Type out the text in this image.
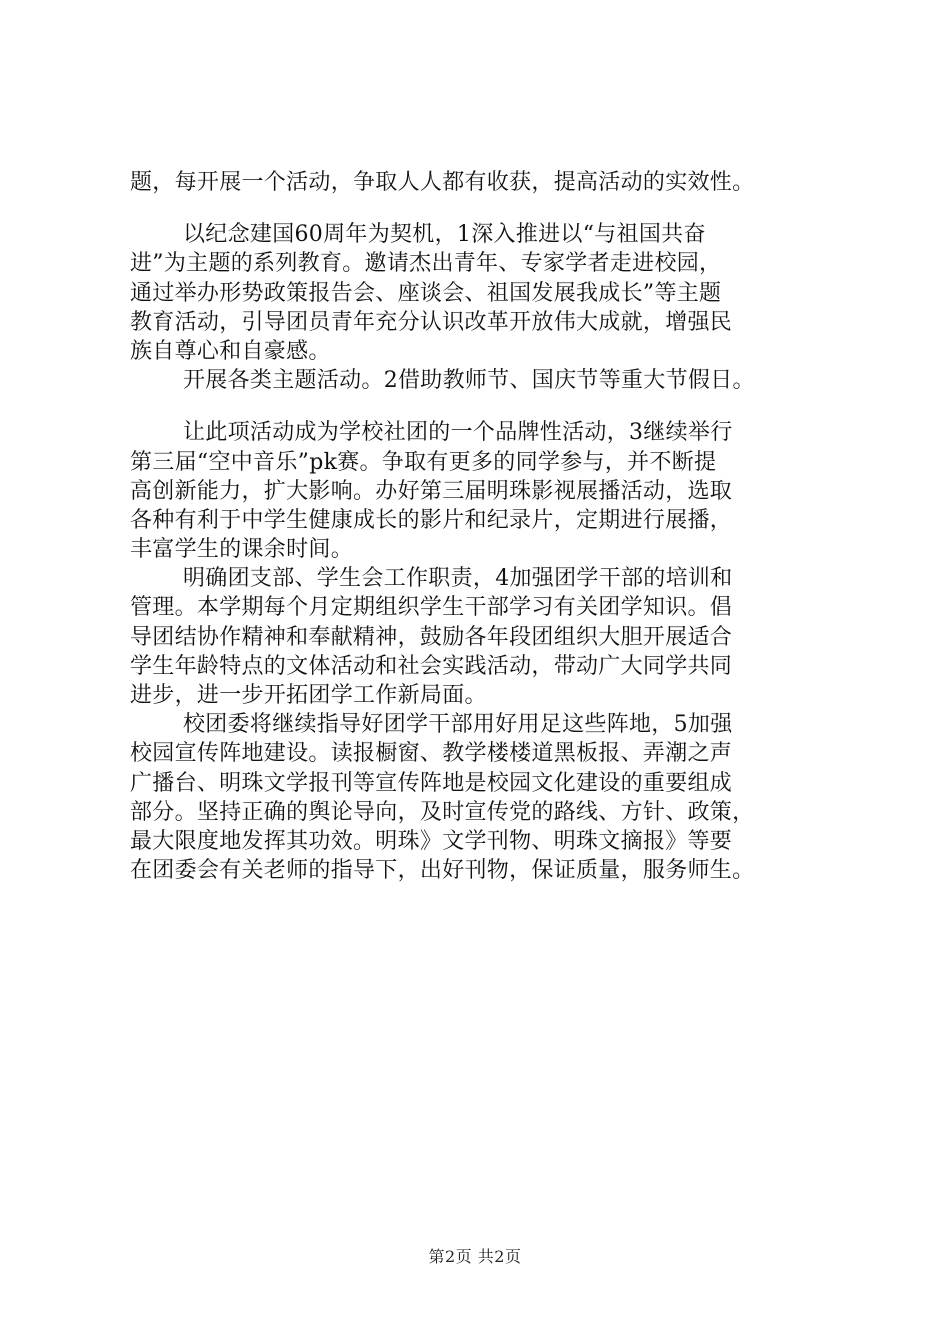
题，每开展一个活动，争取人人都有收获，提高活动的实效性。
以纪念建国60周年为契机，1深入推进以“与祖国共奋
进”为主题的系列教育。邀请杰出青年、专家学者走进校园，
通过举办形势政策报告会、座谈会、祖国发展我成长”等主题
教育活动，引导团员青年充分认识改革开放伟大成就，增强民
族自尊心和自豪感。
开展各类主题活动。2借助教师节、国庆节等重大节假日。
让此项活动成为学校社团的一个品牌性活动，3继续举行
第三届“空中音乐”pk赛。争取有更多的同学参与，并不断提
高创新能力，扩大影响。办好第三届明珠影视展播活动，选取
各种有利于中学生健康成长的影片和纪录片，定期进行展播，
丰富学生的课余时间。
明确团支部、学生会工作职责，4加强团学干部的培训和
管理。本学期每个月定期组织学生干部学习有关团学知识。倡
导团结协作精神和奉献精神，鼓励各年段团组织大胆开展适合
学生年龄特点的文体活动和社会实践活动，带动广大同学共同
进步，进一步开拓团学工作新局面。
校团委将继续指导好团学干部用好用足这些阵地，5加强
校园宣传阵地建设。读报橱窗、教学楼楼道黑板报、弄潮之声
广播台、明珠文学报刊等宣传阵地是校园文化建设的重要组成
部分。坚持正确的舆论导向，及时宣传党的路线、方针、政策，
最大限度地发挥其功效。明珠》文学刊物、明珠文摘报》等要
在团委会有关老师的指导下，出好刊物，保证质量，服务师生。
第2页 共2页
